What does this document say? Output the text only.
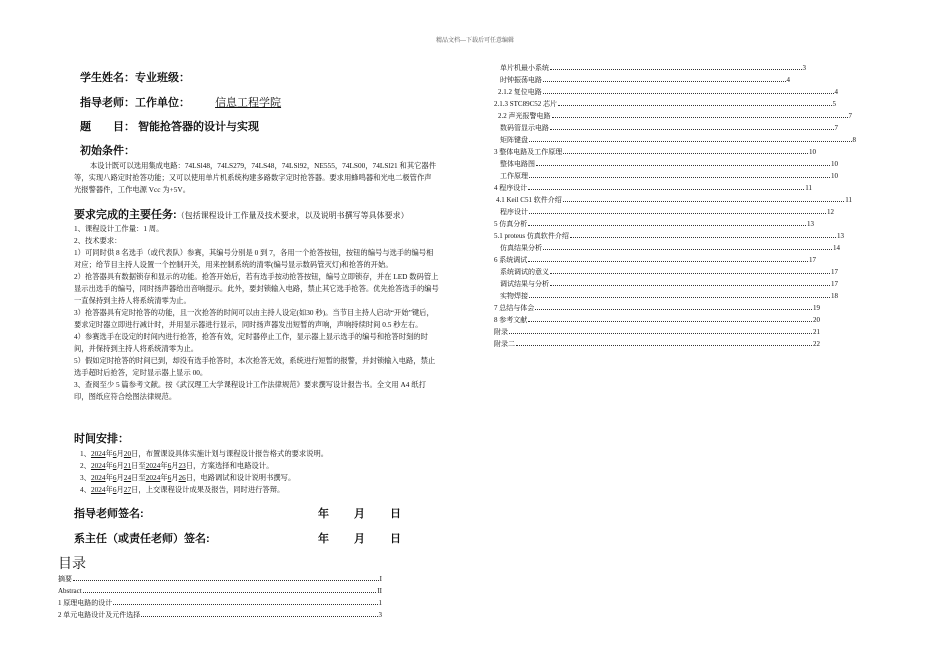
精品文档---下载后可任意编辑
学生姓名：专业班级：
指导老师：工作单位： 信息工程学院
题　　目： 智能抢答器的设计与实现
初始条件：
本设计既可以选用集成电路：74LSl48，74LS279，74LS48，74LSl92，NE555，74LS00，74LSl21 和其它器件等，实现八路定时抢答功能；又可以使用单片机系统构建多路数字定时抢答器。要求用蜂鸣器和光电二极管作声光报警器件，工作电源 Vcc 为+5V。
要求完成的主要任务:（包括课程设计工作量及技术要求，以及说明书撰写等具体要求）
1、课程设计工作量：1 周。
2、技术要求：
1）可同时供 8 名选手（或代表队）参赛，其编号分别是 0 到 7，各用一个抢答按钮，按钮的编号与选手的编号相对应；给节目主持人设置一个控制开关，用来控制系统的清零(编号显示数码管灭灯)和抢答的开始。
2）抢答器具有数据锁存和显示的功能。抢答开始后，若有选手按动抢答按钮，编号立即锁存，并在 LED 数码管上显示出选手的编号，同时扬声器给出音响提示。此外，要封锁输入电路，禁止其它选手抢答。优先抢答选手的编号一直保持到主持人将系统清零为止。
3）抢答器具有定时抢答的功能，且一次抢答的时间可以由主持人设定(如30 秒)。当节目主持人启动“开始”键后，要求定时器立即进行减计时，并用显示器进行显示，同时扬声器发出短暂的声响，声响持续时间 0.5 秒左右。
4）参赛选手在设定的时间内进行抢答，抢答有效，定时器停止工作，显示器上显示选手的编号和抢答时刻的时间，并保持到主持人将系统清零为止。
5）假如定时抢答的时间已到，却没有选手抢答时，本次抢答无效，系统进行短暂的报警，并封锁输入电路，禁止选手超时后抢答，定时显示器上显示 00。
3、查阅至少 5 篇参考文献。按《武汉理工大学课程设计工作法律规范》要求撰写设计报告书。全文用 A4 纸打印，图纸应符合绘图法律规范。
时间安排：
1、2024年6月20日，布置课设具体实施计划与课程设计报告格式的要求说明。
2、2024年6月21日至2024年6月23日，方案选择和电路设计。
3、2024年6月24日至2024年6月26日，电路调试和设计说明书撰写。
4、2024年6月27日，上交课程设计成果及报告，同时进行答辩。
指导老师签名:	年 月 日
系主任（或责任老师）签名:	年 月 日
目录
摘要	I
Abstract	II
1 原理电路的设计	1
2 单元电路设计及元件选择	3
单片机最小系统	3
时钟振荡电路	4
2.1.2 复位电路	4
2.1.3 STC89C52 芯片	5
2.2 声光报警电路	7
数码管显示电路	7
矩阵键盘	8
3 整体电路及工作原理	10
整体电路图	10
工作原理	10
4 程序设计	11
4.1 Keil C51 软件介绍	11
程序设计	12
5 仿真分析	13
5.1 proteus 仿真软件介绍	13
仿真结果分析	14
6 系统调试	17
系统调试的意义	17
调试结果与分析	17
实物焊接	18
7 总结与体会	19
8 参考文献	20
附录	21
附录二	22
